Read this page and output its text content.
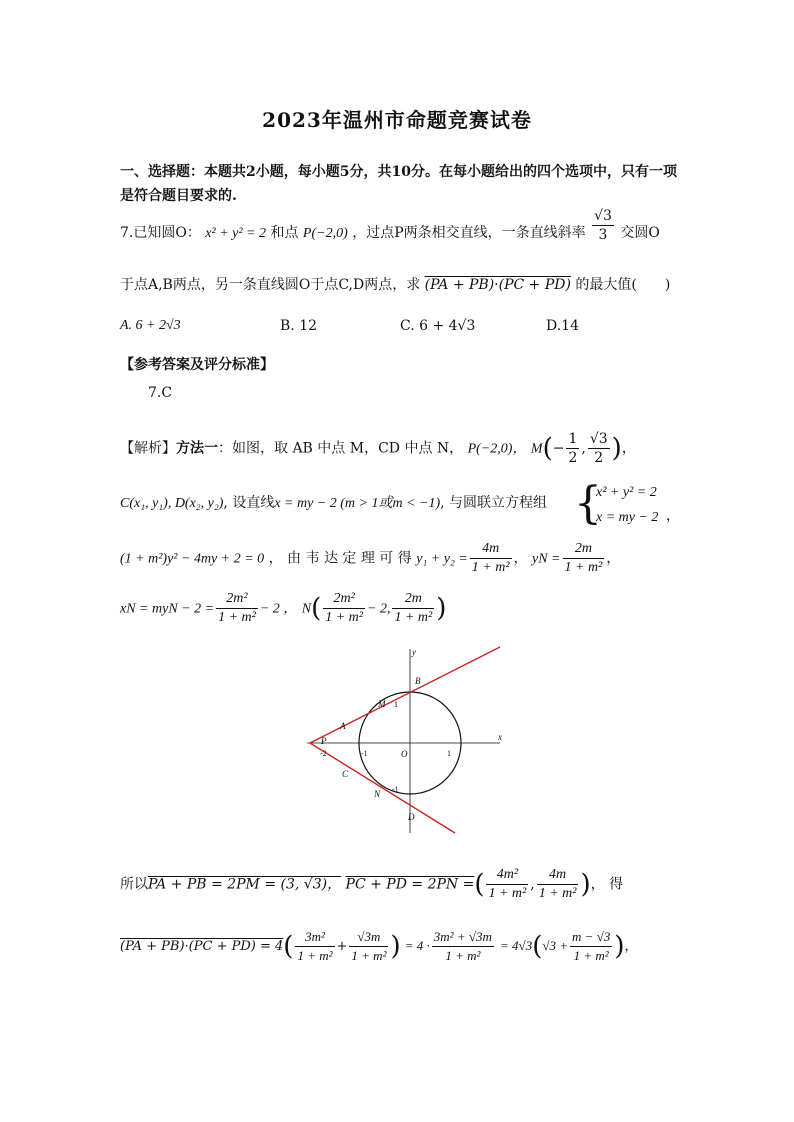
2023年温州市命题竞赛试卷
一、选择题：本题共2小题，每小题5分，共10分。在每小题给出的四个选项中，只有一项是符合题目要求的.
7.已知圆O： x² + y² = 2 和点 P(−2,0) ，过点P两条相交直线，一条直线斜率 $\frac{√3}{3}$ 交圆O
于点A,B两点，另一条直线圆O于点C,D两点，求 (PA + PB)·(PC + PD) 的最大值(　　)
A. 6 + 2√3	B. 12	C. 6 + 4√3	D.14
【参考答案及评分标准】
7.C
【解析】方法一：如图，取 AB 中点 M，CD 中点 N， P(−2,0)， $M(- \frac{1}{2}$ , $\frac{√3}{2}$ )，
C(x₁, y₁), D(x₂, y₂), 设直线x = my − 2 (m > 1或m < −1), 与圆联立方程组 {
x² + y² = 2
x = my − 2 ，
(1 + m²)y² − 4my + 2 = 0 ， 由 韦 达 定 理 可 得 $y_1 + y_2 = \frac{4m}{\text{1 + m²}}$ ， yN = $\frac{2m}{\text{1 + m²}}$ ，
xN = myN − $2 = \frac{\text{2m²}}{\text{1 + m²}} - 2$ ， $N( \frac{\text{2m²}}{\text{1 + m²}} - 2$, $\frac{2m}{\text{1 + m²}}$ )
x
y
A
B
C
D
M
N
P
O
-2	-1	1
1
-1
所以PA + PB = 2PM = (3, √3)， PC + PD = 2PN =( $\frac{\text{4m²}}{\text{1 + m²}}$ , $\frac{4m}{\text{1 + m²}}$ )， 得
$(PA + PB)\cdot(PC + PD) = 4( \frac{\text{3m²}}{\text{1 + m²}} + \frac{√3m}{\text{1 + m²}}$ ) = $4 \cdot \frac{\text{3m² + √3m}}{\text{1 + m²}} = 4√3(√3 + \frac{m - √3}{\text{1 + m²}}$ )，
